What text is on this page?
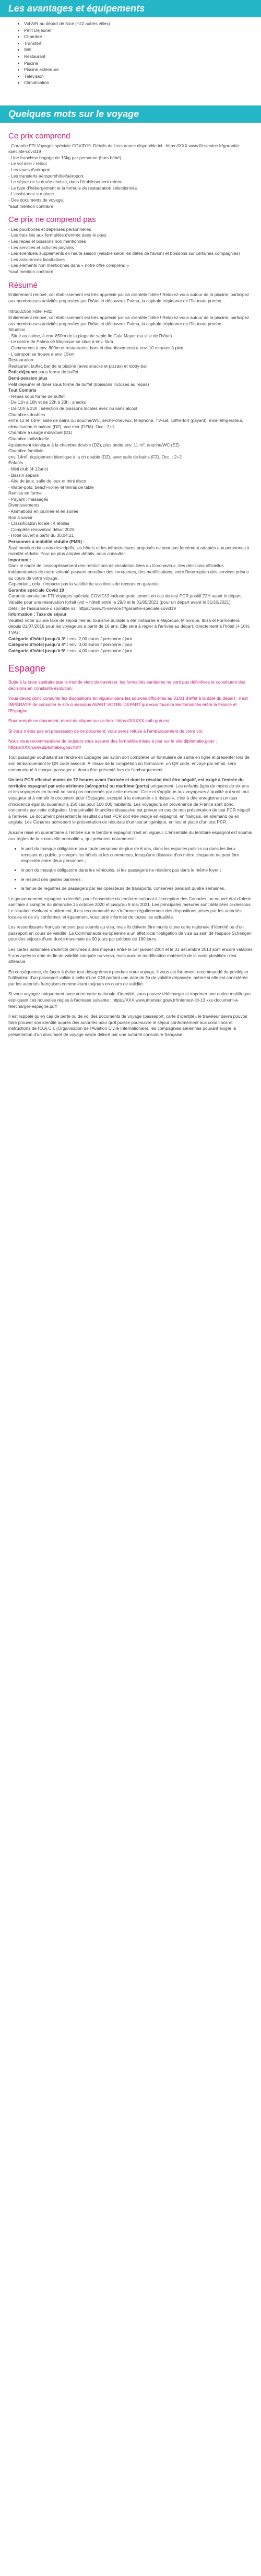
Les avantages et équipements
• Vol A/R au départ de Nice (+22 autres villes)
• Petit Déjeuner
• Chambre
• Transfert
• Wifi
• Restaurant
• Piscine
• Piscine extérieure
• Télévision
• Climatisation
Quelques mots sur le voyage
Ce prix comprend

- Garantie FTI Voyages spéciale COVID19: Détails de l'assurance disponible ici : https://XXX.www.fti-service.fr/garantie-speciale-covid19

- Une franchise bagage de 15kg par personne (hors bébé)

- Le vol aller / retour

- Les taxes d'aéroport.

- Les transferts aéroport/hôtel/aéroport.

- Le séjour de la durée choisie, dans l'établissement retenu.

- Le type d'hébergement et la formule de restauration sélectionnés.

- L'assistance sur place.

- Des documents de voyage.

*sauf mention contraire

Ce prix ne comprend pas

- Les pourboires et dépenses personnelles

- Les frais liés aux formalités d'entrée dans le pays

- Les repas et boissons non mentionnés

- Les services et activités payants

- Les éventuels suppléments en haute saison (valable selon les dates de l'avion) et boissons sur certaines compagnies)

- Les assurances facultatives

- Les éléments non mentionnés dans « notre offre comprend »

*sauf mention contraire

Résumé

Entièrement rénové, cet établissement est très apprécié par sa clientèle fidèle ! Relaxez-vous autour de la piscine, participez aux nombreuses activités proposées par l'hôtel et découvrez Palma, la capitale trépidante de l'île toute proche.

Introduction Hôtel Fiitz

Entièrement rénové, cet établissement est très apprécié par sa clientèle fidèle ! Relaxez-vous autour de la piscine, participez aux nombreuses activités proposées par l'hôtel et découvrez Palma, la capitale trépidante de l'île toute proche.

Situation

- Situé au calme, à env. 850m de la plage de sable fin Cala Mayor (sa ville de l'hôtel)

- Le centre de Palma de Majorque se situe à env. 5km

- Commerces à env. 800m et restaurants, bars et divertissements à env. 10 minutes à pied

- L'aéroport se trouve à env. 15km

Restauration

Restaurant buffet, bar de la piscine (avec snacks et pizzas) et lobby-bar

Petit déjeuner sous forme de buffet

Demi-pension plus

Petit déjeuner et dîner sous forme de buffet (boissons incluses au repas)

Tout Compris

- Repas sous forme de buffet

- De 11h à 18h et de 22h à 23h : snacks

- De 10h à 23h : sélection de boissons locales avec ou sans alcool

Chambres doubles

entre 12 et 14m², salle de bains ou douche/WC, sèche-cheveux, téléphone, TV-sat, coffre-fort (payant), mini-réfrigérateur, climatisation et balcon (DZ), vue mer (DZM). Occ.: 2+1

Chambre à usage individuel (D1)

Chambre individuelle

équipement identique à la chambre double (DZ), plus petite env. 11 m², douche/WC (EZ)

Chambre familiale

env. 14m², équipement identique à la ch double (DZ), avec salle de bains (FZ). Occ. : 2+2

Enfants

- Mini club (4-12ans)

- Bassin séparé

- Aire de jeux, salle de jeux et mini disco

- Water-polo, beach-volley et tennis de table

Remise en forme

- Payant : massages

Divertissements

- Animations en journée et en soirée

Bon à savoir

- Classification locale : 4 étoiles

- Complète rénovation début 2020

- Hôtel ouvert à partir du 30.04.21

Personnes à mobilité réduite (PMR) :

Sauf mention dans nos descriptifs, les hôtels et les infrastructures proposés ne sont pas forcément adaptés aux personnes à mobilité réduite. Pour de plus amples détails, nous consulter.

Important :

Dans le cadre de l'assouplissement des restrictions de circulation liées au Coronavirus, des décisions officielles indépendantes de notre volonté peuvent entraîner des contraintes, des modifications, voire l'interruption des services prévus au cours de votre voyage.

Cependant, cela n'impacte pas la validité de vos droits de recours en garantie.

Garantie spéciale Covid 19

Garantie annulation FTI Voyages spéciale COVID19 incluse gratuitement en cas de test PCR positif 72H avant le départ.

Valable pour une réservation forfait (vol + hôtel) entre le 29/3 et le 31/05/2021 (pour un départ avant le 31/10/2021)

Détail de l'assurance disponible ici : https://www.fti-service.fr/garantie-speciale-covid19

Information : Taxe de séjour

Veuillez noter qu'une taxe de séjour liée au tourisme durable a été instaurée à Majorque, Minorque, Ibiza et Formentera depuis 01/07/2016 pour les voyageurs à partir de 16 ans. Elle sera à régler à l'arrivée au départ, directement à l'hôtel (+ 10% TVA) :

Catégorie d'hôtel jusqu'à 3* : env. 2,00 euros / personne / jour

Catégorie d'hôtel jusqu'à 4* : env. 3,00 euros / personne / jour

Catégorie d'hôtel jusqu'à 5* : env. 4,00 euros / personne / jour

Espagne

Suite à la crise sanitaire que le monde vient de traverser, les formalités sanitaires ne sont pas définitives et constituent des décisions en constante évolution.

Vous devez donc consulter les dispositions en vigueur dans les sources officielles au 01/01 d'effet à la date du départ ; il est IMPÉRATIF de consulter le site ci-dessous AVANT VOTRE DÉPART qui vous fournira les formalités entre la France et l'Espagne.

Pour remplir ce document, merci de cliquer sur ce lien : https://XXXXX.spth.gob.es/

Si vous n'êtes pas en possession de ce document, vous serez refusé à l'embarquement de votre vol.

Nous vous recommandons de toujours vous assurer des formalités mises à jour sur le site diplomatie.gouv : https://XXX.www.diplomatie.gouv.fr/fr/

Tout passager souhaitant se rendre en Espagne par avion doit compléter un formulaire de santé en ligne et présenter lors de son embarquement le QR code associé. À l'issue de la complétion du formulaire, un QR code, envoyé par email, sera communiqué à chaque passager et devra être présenté lors de l'embarquement.

Un test PCR effectué moins de 72 heures avant l'arrivée et dont le résultat doit être négatif, est exigé à l'entrée du territoire espagnol par voie aérienne (aéroports) ou maritime (ports) uniquement. Les enfants âgés de moins de six ans et les voyageurs en transit ne sont pas concernés par cette mesure. Celle-ci s'applique aux voyageurs à qualité qui sont tout voyageur et à remplir le document pour l'Espagne, excepté à la demande « à risque », c'est à dire enregistrant un taux d'incidence égal ou supérieur à 150 cas pour 100 000 habitants. Les voyageurs en provenance de France sont donc concernés par cette obligation. Une pénalité financière dissuasive est prévue en cas de non présentation de test PCR négatif à l'arrivée. Le document présentant le résultat du test PCR doit être rédigé en espagnol, en français, en allemand ou en anglais. Les Canaries admettent le présentation de résultats d'un test antigénique, en lieu et place d'un test PCR.

Aucune mise en quarantaine à l'entrée sur le territoire espagnol n'est en vigueur. L'ensemble du territoire espagnol est soumis aux règles de la « nouvelle normalité », qui prévoient notamment :

• le port du masque obligatoire pour toute personne de plus de 6 ans, dans les espaces publics ou dans les lieux recevant du public, y compris les hôtels et les commerces, lorsqu'une distance d'un mètre cinquante ne peut être respectée entre deux personnes ;
• le port du masque obligatoire dans les véhicules, si les passagers ne résident pas dans le même foyer ;
• le respect des gestes barrières ;
• la tenue de registres de passagers par les opérateurs de transports, conservés pendant quatre semaines.

Le gouvernement espagnol a décrété, pour l'ensemble du territoire national à l'exception des Canaries, un nouvel état d'alerte sanitaire à compter du dimanche 25 octobre 2020 et jusqu'au 9 mai 2021. Les principales mesures sont détaillées ci-dessous. Le situation évoluant rapidement, il est recommandé de s'informer régulièrement des dispositions prises par les autorités locales et de s'y conformer, et également, vous tenir informés de toutes les actualités.

Les ressortissants français ne sont pas soumis au visa, mais ils doivent être munis d'une carte nationale d'identité ou d'un passeport en cours de validité. La Communauté européenne a un effet local l'obligation de visa au sein de l'espace Schengen pour des séjours d'une durée maximale de 90 jours par période de 180 jours.

Les cartes nationales d'identité délivrées à des majeurs entre le 1er janvier 2004 et le 31 décembre 2013 sont encore valables 5 ans après la date de fin de validité indiquée au verso, mais aucune modification matérielle de la carte plastifiée n'est attendue.

En conséquence, de façon à éviter tout désagrément pendant votre voyage, il vous est fortement recommandé de privilégier l'utilisation d'un passeport valide à celle d'une CNI portant une date de fin de validité dépassée, même si elle est considérée par les autorités françaises comme étant toujours en cours de validité.

Si vous voyagez uniquement avec votre carte nationale d'identité, vous pouvez télécharger et imprimer une notice multilingue expliquant ces nouvelles règles à l'adresse suivante : https://XXX.www.interieur.gouv.fr/Interieur-Ici-13.xxx-document-a-telecharger-espagne.pdf/

Il est rappelé qu'en cas de perte ou de vol des documents de voyage (passeport, carte d'identité), le traveleur devra pouvoir faire prouver son identité auprès des autorités pour qu'il puisse poursuivre le séjour conformément aux conditions et instructions de l'O.A.C.I. (Organisation de l'Aviation Civile Internationale), les compagnies aériennes pouvant exiger la présentation d'un document de voyage valide délivré par une autorité consulaire française.
